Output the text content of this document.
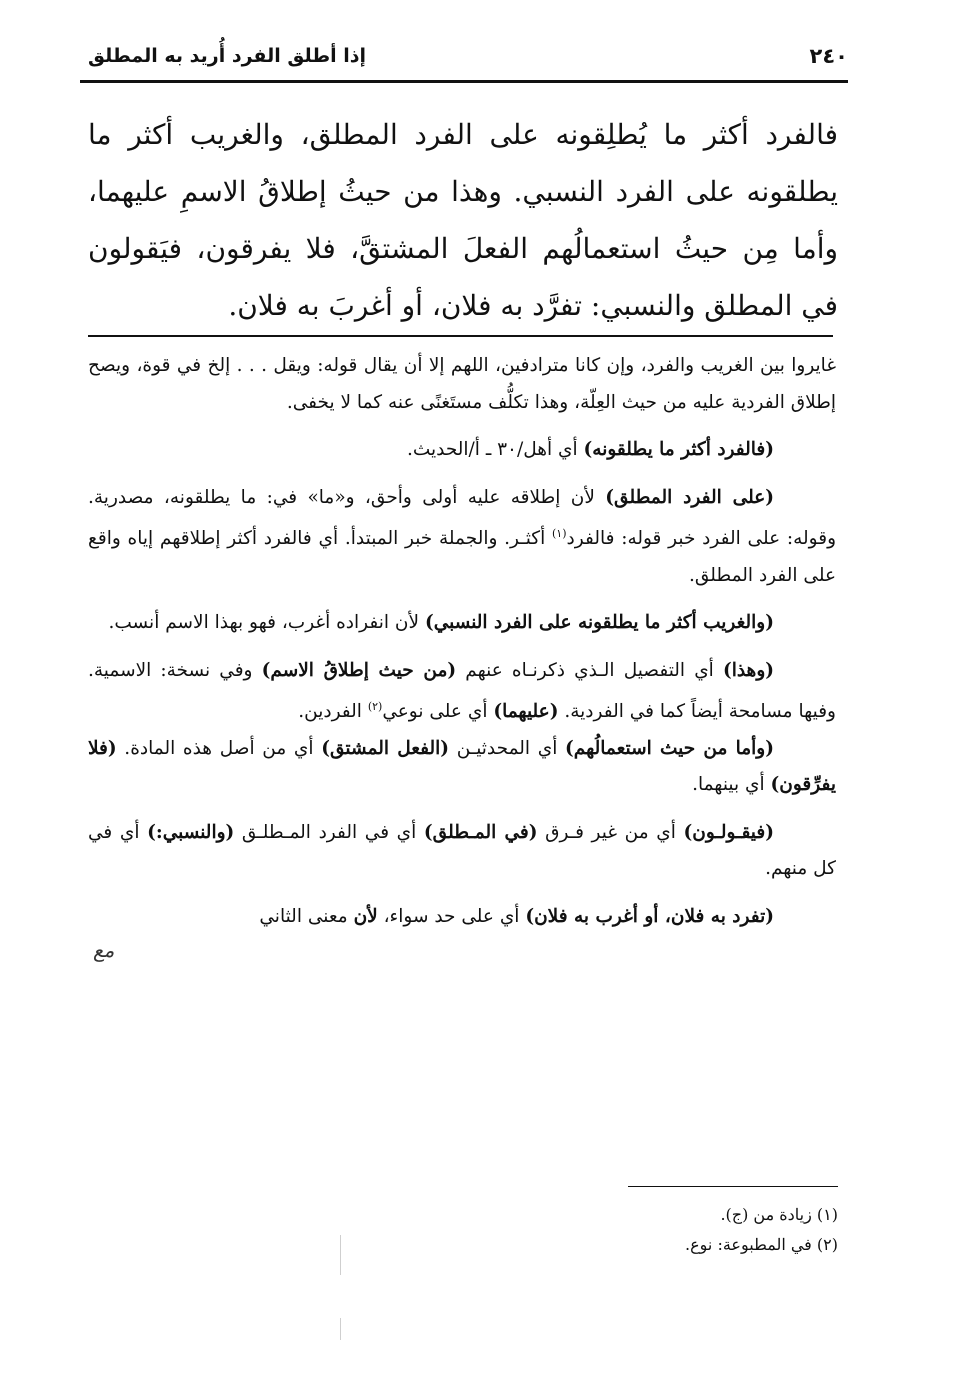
٢٤٠
إذا أطلق الفرد أُريد به المطلق

فالفرد أكثر ما يُطلِقونه على الفرد المطلق، والغريب أكثر ما يطلقونه على الفرد النسبي. وهذا من حيثُ إطلاقُ الاسمِ عليهما، وأما مِن حيثُ استعمالُهم الفعلَ المشتقَّ، فلا يفرقون، فيَقولون في المطلق والنسبي: تفرَّد به فلان، أو أغربَ به فلان.

غايروا بين الغريب والفرد، وإن كانا مترادفين، اللهم إلا أن يقال قوله: ويقل . . . إلخ في قوة، ويصح إطلاق الفردية عليه من حيث العِلّة، وهذا تكلُّف مستَغنًى عنه كما لا يخفى.

(فالفرد أكثر ما يطلقونه) أي أهل/٣٠ ـ أ/الحديث.

(على الفرد المطلق) لأن إطلاقه عليه أولى وأحق، و«ما» في: ما يطلقونه، مصدرية. وقوله: على الفرد خبر قوله: فالفرد$^{(١)}$ أكثـر. والجملة خبر المبتدأ. أي فالفرد أكثر إطلاقهم إياه واقع على الفرد المطلق.

(والغريب أكثر ما يطلقونه على الفرد النسبي) لأن انفراده أغرب، فهو بهذا الاسم أنسب.

(وهذا) أي التفصيل الـذي ذكرنـاه عنهم (من حيث إطلاقُ الاسم) وفي نسخة: الاسمية. وفيها مسامحة أيضاً كما في الفردية. (عليهما) أي على نوعي$^{(٢)}$ الفردين.

(وأما من حيث استعمالُهم) أي المحدثيـن (الفعل المشتق) أي من أصل هذه المادة. (فلا يفرِّقون) أي بينهما.

(فيقـولـون) أي من غير فـرق (في المـطلق) أي في الفرد المـطلـق (والنسبي:) أي في كل منهم.

(تفرد به فلان، أو أغرب به فلان) أي على حد سواء، لأن معنى الثاني

ﻣﻊ

(١) زيادة من (ج).

(٢) في المطبوعة: نوع.
